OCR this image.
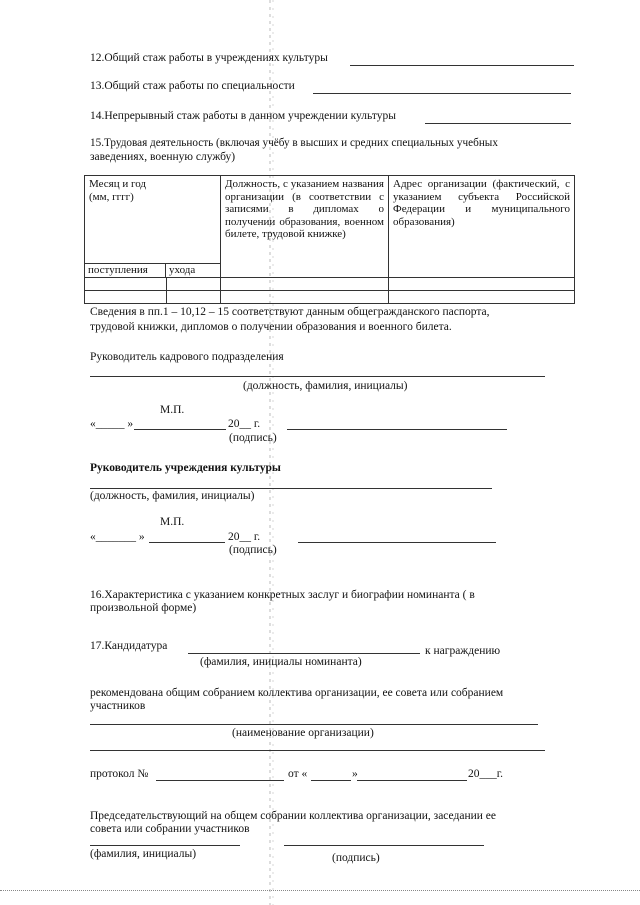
12.Общий стаж работы в учреждениях культуры
13.Общий стаж работы по специальности
14.Непрерывный стаж работы в данном учреждении культуры
15.Трудовая деятельность (включая учёбу в высших и средних специальных учебных
заведениях, военную службу)
Месяц и год
(мм, гггг)	Должность, с указанием названия организации (в соответствии с записями в дипломах о получении образования, военном билете, трудовой книжке)	Адрес организации (фактический, с указанием субъекта Российской Федерации и муниципального образования)

поступления ухода		

Сведения в пп.1 – 10,12 – 15 соответствуют данным общегражданского паспорта,
трудовой книжки, дипломов о получении образования и военного билета.
Руководитель кадрового подразделения
(должность, фамилия, инициалы)
М.П.
«_____ »	20__ г.
(подпись)
Руководитель учреждения культуры
(должность, фамилия, инициалы)
М.П.
«_______ »	20__ г.
(подпись)
16.Характеристика с указанием конкретных заслуг и биографии номинанта ( в
произвольной форме)
17.Кандидатура	к награждению
(фамилия, инициалы номинанта)
рекомендована общим собранием коллектива организации, ее совета или собранием
участников
(наименование организации)
протокол №	от «	»	20___г.
Председательствующий на общем собрании коллектива организации, заседании ее
совета или собрании участников
(фамилия, инициалы)	(подпись)
